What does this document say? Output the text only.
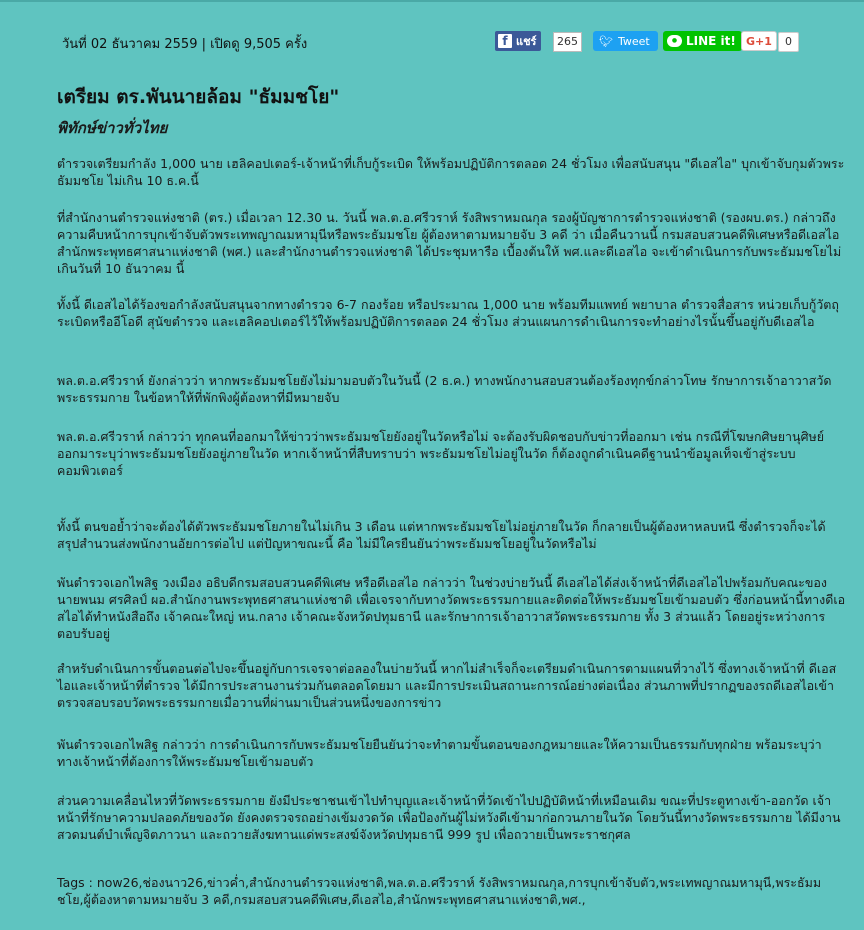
วันที่ 02 ธันวาคม 2559 | เปิดดู 9,505 ครั้ง	f แชร์	265	🐦︎ Tweet	● LINE it! G+1	0
เตรียม ตร.พันนายล้อม "ธัมมชโย"
พิทักษ์ข่าวทั่วไทย

ตำรวจเตรียมกำลัง 1,000 นาย เฮลิคอปเตอร์-เจ้าหน้าที่เก็บกู้ระเบิด ให้พร้อมปฏิบัติการตลอด 24 ชั่วโมง เพื่อสนับสนุน "ดีเอสไอ" บุกเข้าจับกุมตัวพระธัมมชโย ไม่เกิน 10 ธ.ค.นี้

ที่สำนักงานตำรวจแห่งชาติ (ตร.) เมื่อเวลา 12.30 น. วันนี้ พล.ต.อ.ศรีวราห์ รังสิพราหมณกุล รองผู้บัญชาการตำรวจแห่งชาติ (รองผบ.ตร.) กล่าวถึงความคืบหน้าการบุกเข้าจับตัวพระเทพญาณมหามุนีหรือพระธัมมชโย ผู้ต้องหาตามหมายจับ 3 คดี ว่า เมื่อคืนวานนี้ กรมสอบสวนคดีพิเศษหรือดีเอสไอ สำนักพระพุทธศาสนาแห่งชาติ (พศ.) และสำนักงานตำรวจแห่งชาติ ได้ประชุมหารือ เบื้องต้นให้ พศ.และดีเอสไอ จะเข้าดำเนินการกับพระธัมมชโยไม่เกินวันที่ 10 ธันวาคม นี้

ทั้งนี้ ดีเอสไอได้ร้องขอกำลังสนับสนุนจากทางตำรวจ 6-7 กองร้อย หรือประมาณ 1,000 นาย พร้อมทีมแพทย์ พยาบาล ตำรวจสื่อสาร หน่วยเก็บกู้วัตถุระเบิดหรืออีโอดี สุนัขตำรวจ และเฮลิคอปเตอร์ไว้ให้พร้อมปฏิบัติการตลอด 24 ชั่วโมง ส่วนแผนการดำเนินการจะทำอย่างไรนั้นขึ้นอยู่กับดีเอสไอ

พล.ต.อ.ศรีวราห์ ยังกล่าวว่า หากพระธัมมชโยยังไม่มามอบตัวในวันนี้ (2 ธ.ค.) ทางพนักงานสอบสวนต้องร้องทุกข์กล่าวโทษ รักษาการเจ้าอาวาสวัดพระธรรมกาย ในข้อหาให้ที่พักพิงผู้ต้องหาที่มีหมายจับ

พล.ต.อ.ศรีวราห์ กล่าวว่า ทุกคนที่ออกมาให้ข่าวว่าพระธัมมชโยยังอยู่ในวัดหรือไม่ จะต้องรับผิดชอบกับข่าวที่ออกมา เช่น กรณีที่โฆษกศิษยานุศิษย์ ออกมาระบุว่าพระธัมมชโยยังอยู่ภายในวัด หากเจ้าหน้าที่สืบทราบว่า พระธัมมชโยไม่อยู่ในวัด ก็ต้องถูกดำเนินคดีฐานนำข้อมูลเท็จเข้าสู่ระบบคอมพิวเตอร์

ทั้งนี้ ตนขอย้ำว่าจะต้องได้ตัวพระธัมมชโยภายในไม่เกิน 3 เดือน แต่หากพระธัมมชโยไม่อยู่ภายในวัด ก็กลายเป็นผู้ต้องหาหลบหนี ซึ่งตำรวจก็จะได้สรุปสำนวนส่งพนักงานอัยการต่อไป แต่ปัญหาขณะนี้ คือ ไม่มีใครยืนยันว่าพระธัมมชโยอยู่ในวัดหรือไม่

พันตำรวจเอกไพสิฐ วงเมือง อธิบดีกรมสอบสวนคดีพิเศษ หรือดีเอสไอ กล่าวว่า ในช่วงบ่ายวันนี้ ดีเอสไอได้ส่งเจ้าหน้าที่ดีเอสไอไปพร้อมกับคณะของ นายพนม ศรศิลป์ ผอ.สำนักงานพระพุทธศาสนาแห่งชาติ เพื่อเจรจากับทางวัดพระธรรมกายและติดต่อให้พระธัมมชโยเข้ามอบตัว ซึ่งก่อนหน้านี้ทางดีเอสไอได้ทำหนังสือถึง เจ้าคณะใหญ่ หน.กลาง เจ้าคณะจังหวัดปทุมธานี และรักษาการเจ้าอาวาสวัดพระธรรมกาย ทั้ง 3 ส่วนแล้ว โดยอยู่ระหว่างการตอบรับอยู่

สำหรับดำเนินการขั้นตอนต่อไปจะขึ้นอยู่กับการเจรจาต่อลองในบ่ายวันนี้ หากไม่สำเร็จก็จะเตรียมดำเนินการตามแผนที่วางไว้ ซึ่งทางเจ้าหน้าที่ ดีเอสไอและเจ้าหน้าที่ตำรวจ ได้มีการประสานงานร่วมกันตลอดโดยมา และมีการประเมินสถานะการณ์อย่างต่อเนื่อง ส่วนภาพที่ปรากฏของรถดีเอสไอเข้าตรวจสอบรอบวัดพระธรรมกายเมื่อวานที่ผ่านมาเป็นส่วนหนึ่งของการข่าว

พันตำรวจเอกไพสิฐ กล่าวว่า การดำเนินการกับพระธัมมชโยยืนยันว่าจะทำตามขั้นตอนของกฎหมายและให้ความเป็นธรรมกับทุกฝ่าย พร้อมระบุว่า ทางเจ้าหน้าที่ต้องการให้พระธัมมชโยเข้ามอบตัว

ส่วนความเคลื่อนไหวที่วัดพระธรรมกาย ยังมีประชาชนเข้าไปทำบุญและเจ้าหน้าที่วัดเข้าไปปฏิบัติหน้าที่เหมือนเดิม ขณะที่ประตูทางเข้า-ออกวัด เจ้าหน้าที่รักษาความปลอดภัยของวัด ยังคงตรวจรถอย่างเข้มงวดวัด เพื่อป้องกันผู้ไม่หวังดีเข้ามาก่อกวนภายในวัด โดยวันนี้ทางวัดพระธรรมกาย ได้มีงานสวดมนต์บำเพ็ญจิตภาวนา และถวายสังฆทานแด่พระสงฆ์จังหวัดปทุมธานี 999 รูป เพื่อถวายเป็นพระราชกุศล

Tags : now26,ช่องนาว26,ข่าวค่ำ,สำนักงานตำรวจแห่งชาติ,พล.ต.อ.ศรีวราห์ รังสิพราหมณกุล,การบุกเข้าจับตัว,พระเทพญาณมหามุนี,พระธัมมชโย,ผู้ต้องหาตามหมายจับ 3 คดี,กรมสอบสวนคดีพิเศษ,ดีเอสไอ,สำนักพระพุทธศาสนาแห่งชาติ,พศ.,
